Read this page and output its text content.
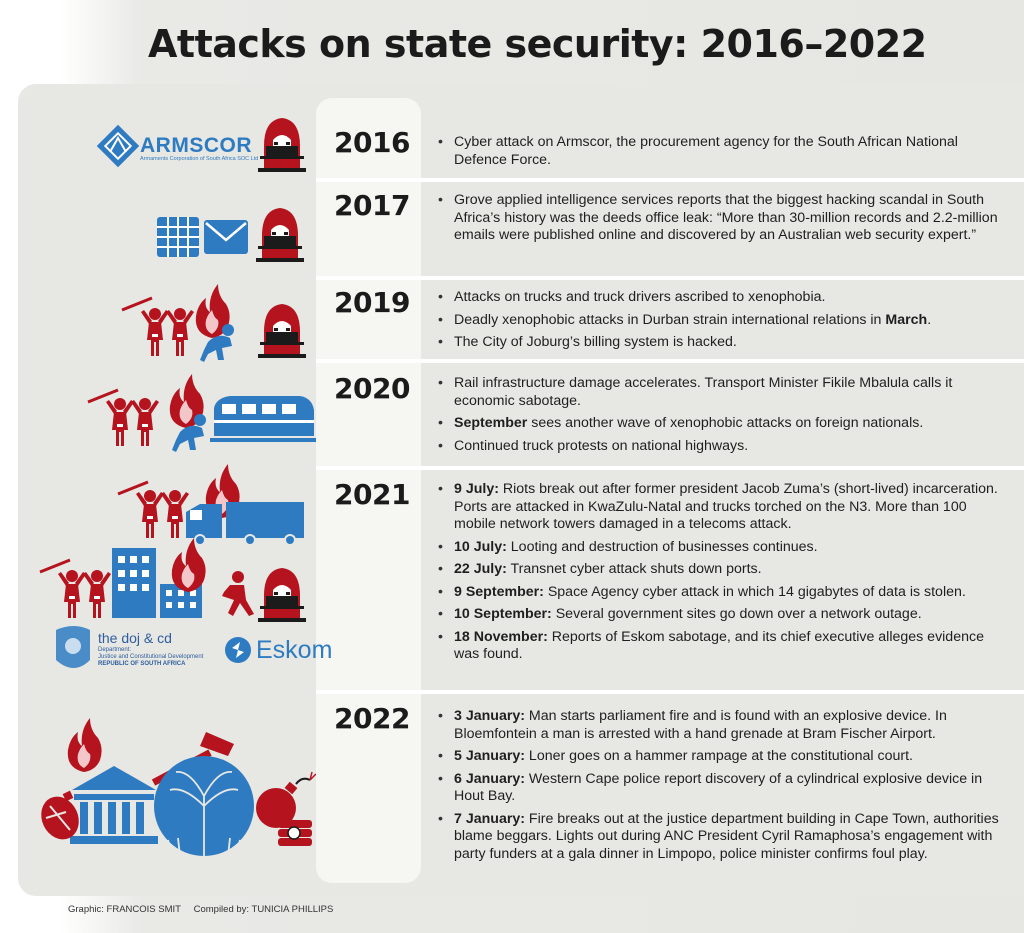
Attacks on state security: 2016–2022
2016
2017
2019
2020
2021
2022
• Cyber attack on Armscor, the procurement agency for the South African National Defence Force.
• Grove applied intelligence services reports that the biggest hacking scandal in South Africa’s history was the deeds office leak: “More than 30-million records and 2.2-million emails were published online and discovered by an Australian web security expert.”
• Attacks on trucks and truck drivers ascribed to xenophobia.
• Deadly xenophobic attacks in Durban strain international relations in March.
• The City of Joburg’s billing system is hacked.
• Rail infrastructure damage accelerates. Transport Minister Fikile Mbalula calls it economic sabotage.
• September sees another wave of xenophobic attacks on foreign nationals.
• Continued truck protests on national highways.
• 9 July: Riots break out after former president Jacob Zuma’s (short-lived) incarceration. Ports are attacked in KwaZulu-Natal and trucks torched on the N3. More than 100 mobile network towers damaged in a telecoms attack.
• 10 July: Looting and destruction of businesses continues.
• 22 July: Transnet cyber attack shuts down ports.
• 9 September: Space Agency cyber attack in which 14 gigabytes of data is stolen.
• 10 September: Several government sites go down over a network outage.
• 18 November: Reports of Eskom sabotage, and its chief executive alleges evidence was found.
• 3 January: Man starts parliament fire and is found with an explosive device. In Bloemfontein a man is arrested with a hand grenade at Bram Fischer Airport.
• 5 January: Loner goes on a hammer rampage at the constitutional court.
• 6 January: Western Cape police report discovery of a cylindrical explosive device in Hout Bay.
• 7 January: Fire breaks out at the justice department building in Cape Town, authorities blame beggars. Lights out during ANC President Cyril Ramaphosa’s engagement with party funders at a gala dinner in Limpopo, police minister confirms foul play.
ARMSCOR
Armaments Corporation of South Africa SOC Ltd
the doj & cd
Department:
Justice and Constitutional Development
REPUBLIC OF SOUTH AFRICA	Eskom
Graphic: FRANCOIS SMIT Compiled by: TUNICIA PHILLIPS
